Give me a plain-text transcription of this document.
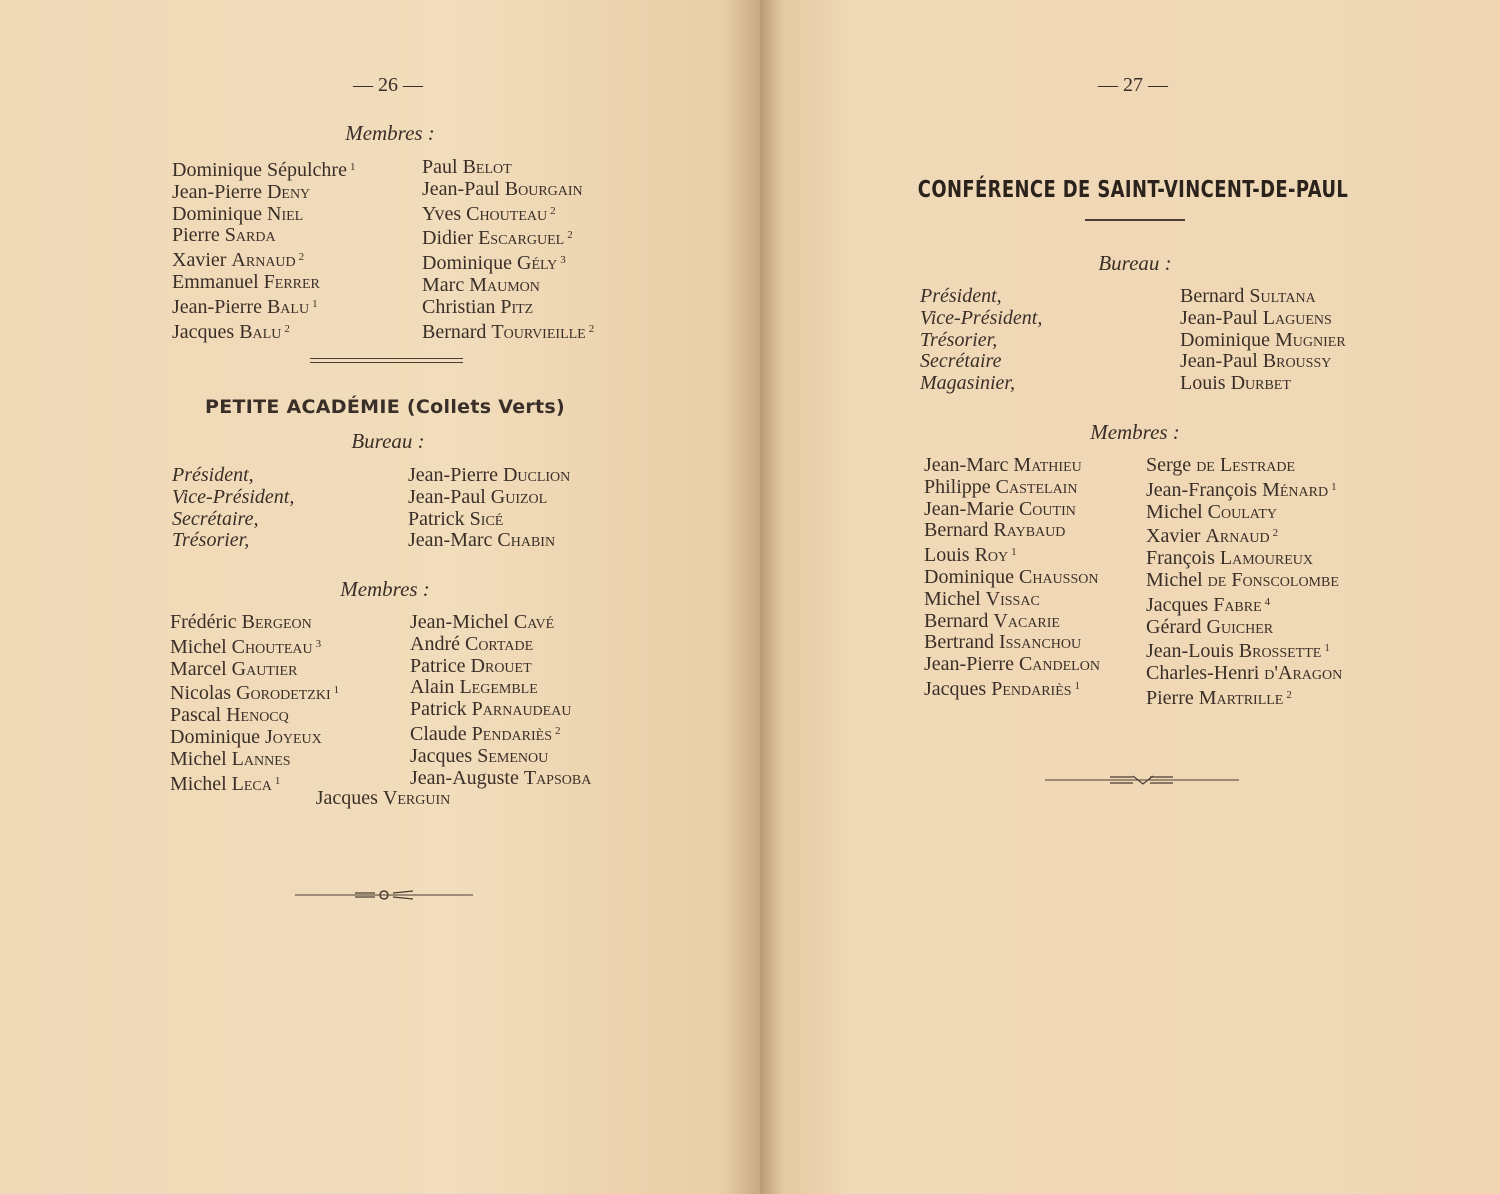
— 26 —
Membres :
Dominique Sépulchre $^1$
Jean-Pierre Deny
Dominique Niel
Pierre Sarda
Xavier Arnaud $^2$
Emmanuel Ferrer
Jean-Pierre Balu $^1$
Jacques Balu $^2$
Paul Belot
Jean-Paul Bourgain
Yves Chouteau $^2$
Didier Escarguel $^2$
Dominique Gély $^3$
Marc Maumon
Christian Pitz
Bernard Tourvieille $^2$
PETITE ACADÉMIE (Collets Verts)
Bureau :
Président,
Vice-Président,
Secrétaire,
Trésorier,
Jean-Pierre Duclion
Jean-Paul Guizol
Patrick Sicé
Jean-Marc Chabin
Membres :
Frédéric Bergeon
Michel Chouteau $^3$
Marcel Gautier
Nicolas Gorodetzki $^1$
Pascal Henocq
Dominique Joyeux
Michel Lannes
Michel Leca $^1$
Jean-Michel Cavé
André Cortade
Patrice Drouet
Alain Legemble
Patrick Parnaudeau
Claude Pendariès $^2$
Jacques Semenou
Jean-Auguste Tapsoba
Jacques Verguin
— 27 —
CONFÉRENCE DE SAINT-VINCENT-DE-PAUL
Bureau :
Président,
Vice-Président,
Trésorier,
Secrétaire
Magasinier,
Bernard Sultana
Jean-Paul Laguens
Dominique Mugnier
Jean-Paul Broussy
Louis Durbet
Membres :
Jean-Marc Mathieu
Philippe Castelain
Jean-Marie Coutin
Bernard Raybaud
Louis Roy $^1$
Dominique Chausson
Michel Vissac
Bernard Vacarie
Bertrand Issanchou
Jean-Pierre Candelon
Jacques Pendariès $^1$
Serge de Lestrade
Jean-François Ménard $^1$
Michel Coulaty
Xavier Arnaud $^2$
François Lamoureux
Michel de Fonscolombe
Jacques Fabre $^4$
Gérard Guicher
Jean-Louis Brossette $^1$
Charles-Henri d'Aragon
Pierre Martrille $^2$
